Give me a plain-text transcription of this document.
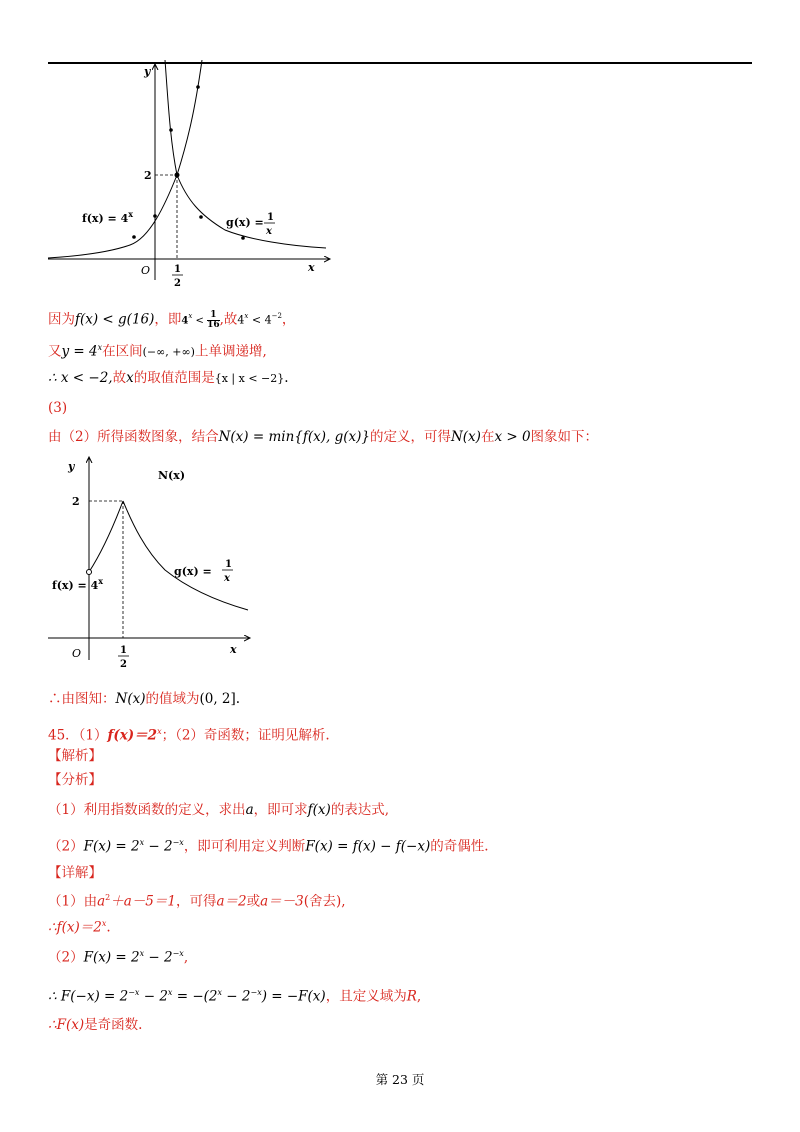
y
x
O
2
1
2
$f(x) = 4^x$
g(x) = 1
x
因为f(x) < g(16)，即$4^x < \frac{1}{16}$ ,故$4^x < 4^{-2}$，
又$y = 4^x$在区间(−∞, +∞)上单调递增,
∴ x < −2,故x的取值范围是{x | x < −2}.
(3)
由（2）所得函数图象，结合N(x) = min{f(x), g(x)}的定义，可得N(x)在x > 0图象如下：
y
x
O
N(x)
2
1
2
$f(x) = 4^x$
g(x) =
1
x
∴由图知：N(x)的值域为(0, 2].
45．$(1)f(x)=2^x$；（2）奇函数；证明见解析.
【解析】
【分析】
（1）利用指数函数的定义，求出a，即可求f(x)的表达式,
$(2)F(x) = 2^x - 2^{-x}$，即可利用定义判断F(x) = f(x) − f(−x)的奇偶性.
【详解】
（1）由$a^2+a-5=1$，可得a＝2或a＝－3(舍去),
$\therefore f(x)=2^x$.
$(2)F(x) = 2^x - 2^{-x}$,
∴ $F(-x) = 2^{-x} - 2^x = -(2^x - 2^{-x}) = -F(x)$，且定义域为R,
∴F(x)是奇函数.
第 23 页
